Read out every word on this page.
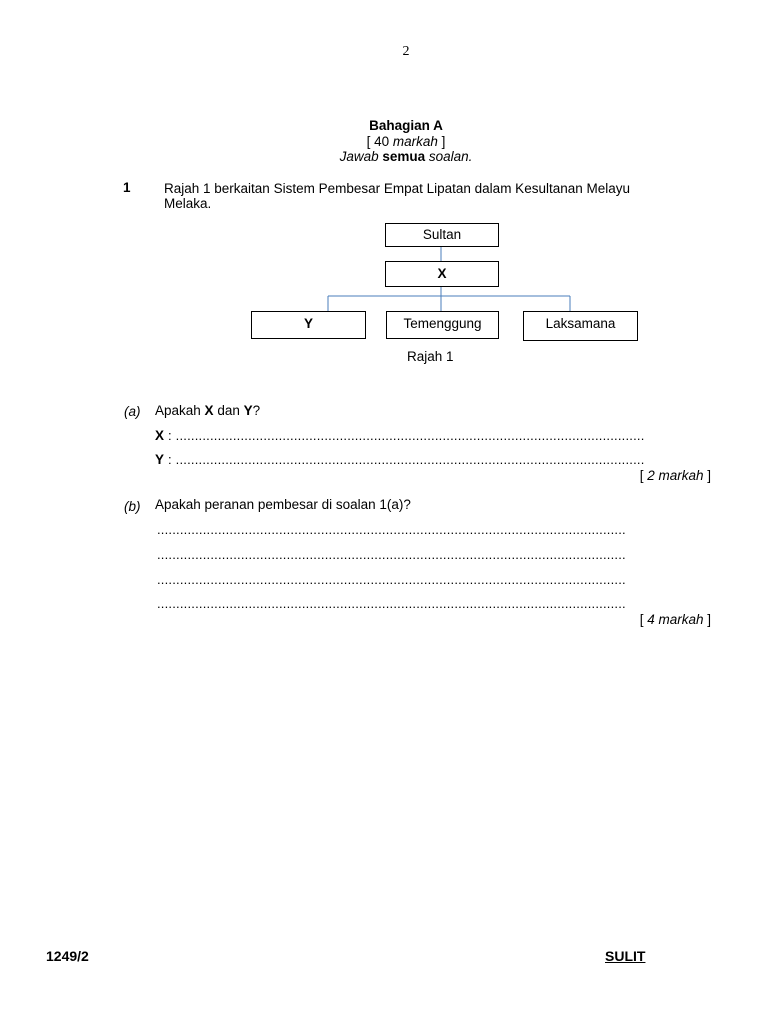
2
Bahagian A
[ 40 markah ]
Jawab semua soalan.
1 Rajah 1 berkaitan Sistem Pembesar Empat Lipatan dalam Kesultanan Melayu
Melaka.
Sultan
X
Y	Temenggung	Laksamana
Rajah 1
(a) Apakah X dan Y?
X : ...........................................................................................................................
Y : ...........................................................................................................................
[ 2 markah ]
(b) Apakah peranan pembesar di soalan 1(a)?
...........................................................................................................................
...........................................................................................................................
...........................................................................................................................
...........................................................................................................................
[ 4 markah ]
1249/2	SULIT
